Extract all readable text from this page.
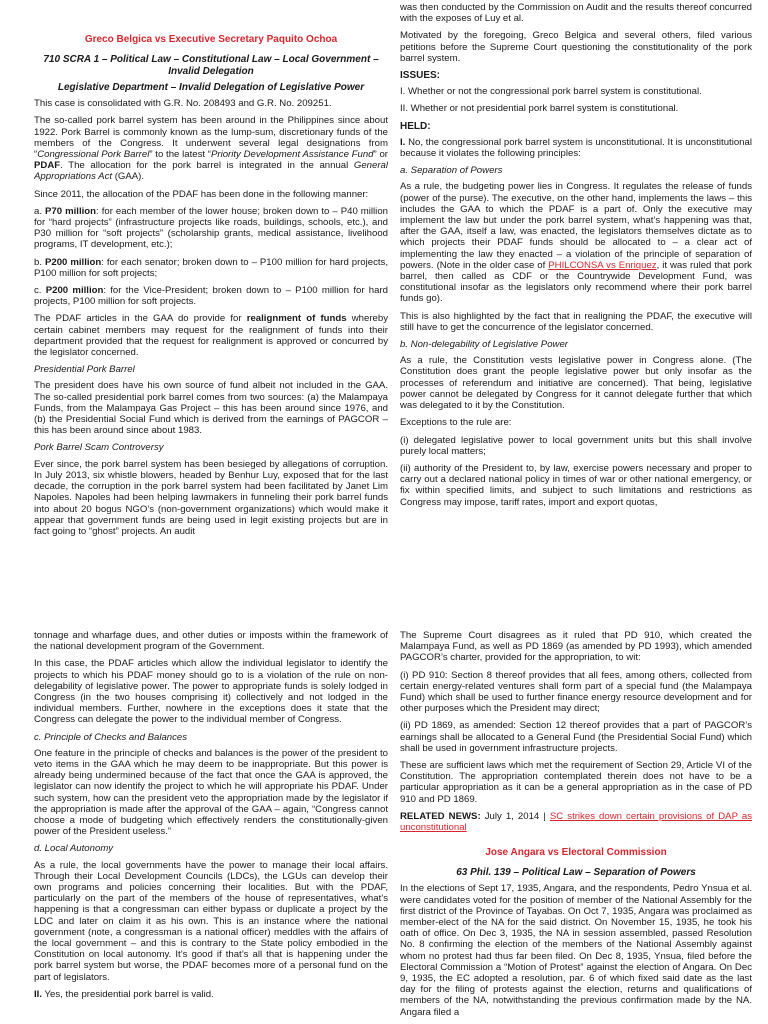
Greco Belgica vs Executive Secretary Paquito Ochoa

710 SCRA 1 – Political Law – Constitutional Law – Local Government – Invalid Delegation

Legislative Department – Invalid Delegation of Legislative Power

This case is consolidated with G.R. No. 208493 and G.R. No. 209251.

The so-called pork barrel system has been around in the Philippines since about 1922. Pork Barrel is commonly known as the lump-sum, discretionary funds of the members of the Congress. It underwent several legal designations from “Congressional Pork Barrel” to the latest “Priority Development Assistance Fund” or PDAF. The allocation for the pork barrel is integrated in the annual General Appropriations Act (GAA).

Since 2011, the allocation of the PDAF has been done in the following manner:

a. P70 million: for each member of the lower house; broken down to – P40 million for “hard projects” (infrastructure projects like roads, buildings, schools, etc.), and P30 million for “soft projects” (scholarship grants, medical assistance, livelihood programs, IT development, etc.);

b. P200 million: for each senator; broken down to – P100 million for hard projects, P100 million for soft projects;

c. P200 million: for the Vice-President; broken down to – P100 million for hard projects, P100 million for soft projects.

The PDAF articles in the GAA do provide for realignment of funds whereby certain cabinet members may request for the realignment of funds into their department provided that the request for realignment is approved or concurred by the legislator concerned.

Presidential Pork Barrel

The president does have his own source of fund albeit not included in the GAA. The so-called presidential pork barrel comes from two sources: (a) the Malampaya Funds, from the Malampaya Gas Project – this has been around since 1976, and (b) the Presidential Social Fund which is derived from the earnings of PAGCOR – this has been around since about 1983.

Pork Barrel Scam Controversy

Ever since, the pork barrel system has been besieged by allegations of corruption. In July 2013, six whistle blowers, headed by Benhur Luy, exposed that for the last decade, the corruption in the pork barrel system had been facilitated by Janet Lim Napoles. Napoles had been helping lawmakers in funneling their pork barrel funds into about 20 bogus NGO’s (non-government organizations) which would make it appear that government funds are being used in legit existing projects but are in fact going to “ghost” projects. An audit

was then conducted by the Commission on Audit and the results thereof concurred with the exposes of Luy et al.

Motivated by the foregoing, Greco Belgica and several others, filed various petitions before the Supreme Court questioning the constitutionality of the pork barrel system.

ISSUES:

I. Whether or not the congressional pork barrel system is constitutional.

II. Whether or not presidential pork barrel system is constitutional.

HELD:

I. No, the congressional pork barrel system is unconstitutional. It is unconstitutional because it violates the following principles:

a. Separation of Powers

As a rule, the budgeting power lies in Congress. It regulates the release of funds (power of the purse). The executive, on the other hand, implements the laws – this includes the GAA to which the PDAF is a part of. Only the executive may implement the law but under the pork barrel system, what’s happening was that, after the GAA, itself a law, was enacted, the legislators themselves dictate as to which projects their PDAF funds should be allocated to – a clear act of implementing the law they enacted – a violation of the principle of separation of powers. (Note in the older case of PHILCONSA vs Enriquez, it was ruled that pork barrel, then called as CDF or the Countrywide Development Fund, was constitutional insofar as the legislators only recommend where their pork barrel funds go).

This is also highlighted by the fact that in realigning the PDAF, the executive will still have to get the concurrence of the legislator concerned.

b. Non-delegability of Legislative Power

As a rule, the Constitution vests legislative power in Congress alone. (The Constitution does grant the people legislative power but only insofar as the processes of referendum and initiative are concerned). That being, legislative power cannot be delegated by Congress for it cannot delegate further that which was delegated to it by the Constitution.

Exceptions to the rule are:

(i) delegated legislative power to local government units but this shall involve purely local matters;

(ii) authority of the President to, by law, exercise powers necessary and proper to carry out a declared national policy in times of war or other national emergency, or fix within specified limits, and subject to such limitations and restrictions as Congress may impose, tariff rates, import and export quotas,

tonnage and wharfage dues, and other duties or imposts within the framework of the national development program of the Government.

In this case, the PDAF articles which allow the individual legislator to identify the projects to which his PDAF money should go to is a violation of the rule on non-delegability of legislative power. The power to appropriate funds is solely lodged in Congress (in the two houses comprising it) collectively and not lodged in the individual members. Further, nowhere in the exceptions does it state that the Congress can delegate the power to the individual member of Congress.

c. Principle of Checks and Balances

One feature in the principle of checks and balances is the power of the president to veto items in the GAA which he may deem to be inappropriate. But this power is already being undermined because of the fact that once the GAA is approved, the legislator can now identify the project to which he will appropriate his PDAF. Under such system, how can the president veto the appropriation made by the legislator if the appropriation is made after the approval of the GAA – again, “Congress cannot choose a mode of budgeting which effectively renders the constitutionally-given power of the President useless.”

d. Local Autonomy

As a rule, the local governments have the power to manage their local affairs. Through their Local Development Councils (LDCs), the LGUs can develop their own programs and policies concerning their localities. But with the PDAF, particularly on the part of the members of the house of representatives, what’s happening is that a congressman can either bypass or duplicate a project by the LDC and later on claim it as his own. This is an instance where the national government (note, a congressman is a national officer) meddles with the affairs of the local government – and this is contrary to the State policy embodied in the Constitution on local autonomy. It’s good if that’s all that is happening under the pork barrel system but worse, the PDAF becomes more of a personal fund on the part of legislators.

II. Yes, the presidential pork barrel is valid.

The Supreme Court disagrees as it ruled that PD 910, which created the Malampaya Fund, as well as PD 1869 (as amended by PD 1993), which amended PAGCOR’s charter, provided for the appropriation, to wit:

(i) PD 910: Section 8 thereof provides that all fees, among others, collected from certain energy-related ventures shall form part of a special fund (the Malampaya Fund) which shall be used to further finance energy resource development and for other purposes which the President may direct;

(ii) PD 1869, as amended: Section 12 thereof provides that a part of PAGCOR’s earnings shall be allocated to a General Fund (the Presidential Social Fund) which shall be used in government infrastructure projects.

These are sufficient laws which met the requirement of Section 29, Article VI of the Constitution. The appropriation contemplated therein does not have to be a particular appropriation as it can be a general appropriation as in the case of PD 910 and PD 1869.

RELATED NEWS: July 1, 2014 | SC strikes down certain provisions of DAP as unconstitutional

Jose Angara vs Electoral Commission

63 Phil. 139 – Political Law – Separation of Powers

In the elections of Sept 17, 1935, Angara, and the respondents, Pedro Ynsua et al. were candidates voted for the position of member of the National Assembly for the first district of the Province of Tayabas. On Oct 7, 1935, Angara was proclaimed as member-elect of the NA for the said district. On November 15, 1935, he took his oath of office. On Dec 3, 1935, the NA in session assembled, passed Resolution No. 8 confirming the election of the members of the National Assembly against whom no protest had thus far been filed. On Dec 8, 1935, Ynsua, filed before the Electoral Commission a “Motion of Protest” against the election of Angara. On Dec 9, 1935, the EC adopted a resolution, par. 6 of which fixed said date as the last day for the filing of protests against the election, returns and qualifications of members of the NA, notwithstanding the previous confirmation made by the NA. Angara filed a
